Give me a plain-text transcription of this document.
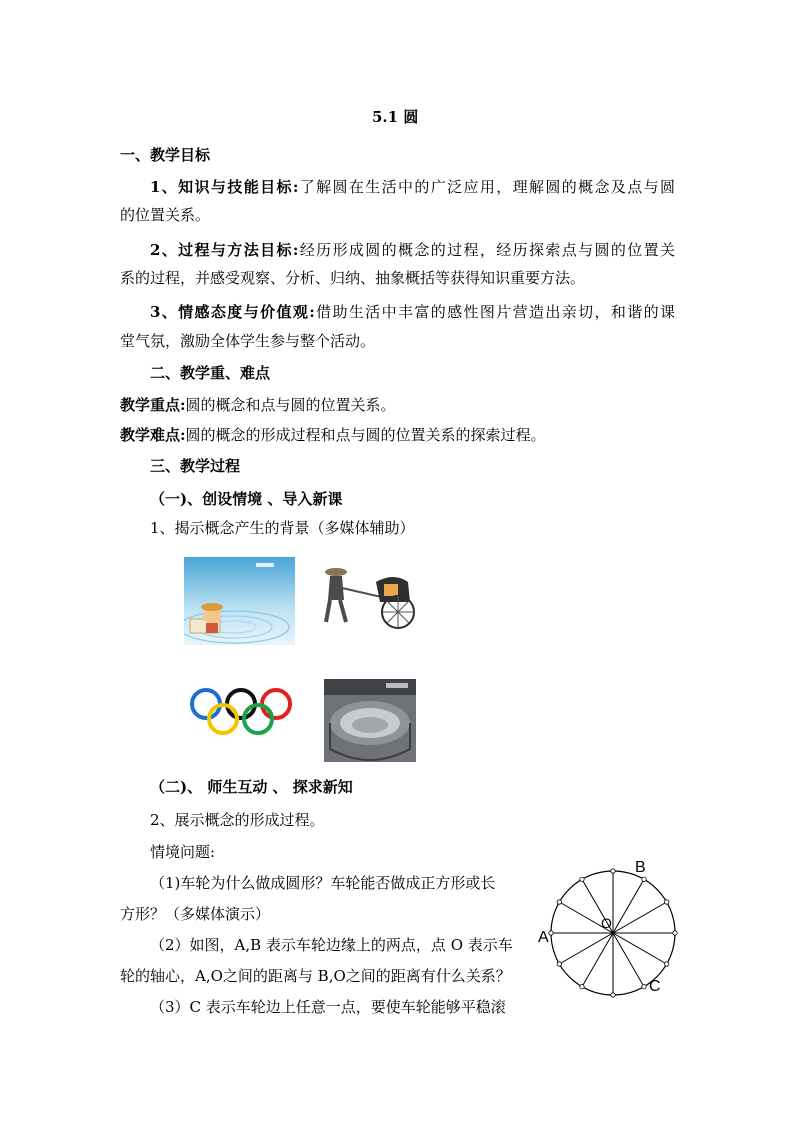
5.1 圆
一、教学目标
1、知识与技能目标:了解圆在生活中的广泛应用，理解圆的概念及点与圆
的位置关系。
2、过程与方法目标:经历形成圆的概念的过程，经历探索点与圆的位置关
系的过程，并感受观察、分析、归纳、抽象概括等获得知识重要方法。
3、情感态度与价值观:借助生活中丰富的感性图片营造出亲切，和谐的课
堂气氛，激励全体学生参与整个活动。
二、教学重、难点
教学重点:圆的概念和点与圆的位置关系。
教学难点:圆的概念的形成过程和点与圆的位置关系的探索过程。
三、教学过程
（一)、创设情境 、导入新课
1、揭示概念产生的背景（多媒体辅助）
（二)、 师生互动 、 探求新知
2、展示概念的形成过程。
情境问题:
（1)车轮为什么做成圆形？车轮能否做成正方形或长
方形？（多媒体演示）
（2）如图，A,B 表示车轮边缘上的两点，点 O 表示车
轮的轴心，A,O之间的距离与 B,O之间的距离有什么关系？
（3）C 表示车轮边上任意一点，要使车轮能够平稳滚
B
A
C
O
